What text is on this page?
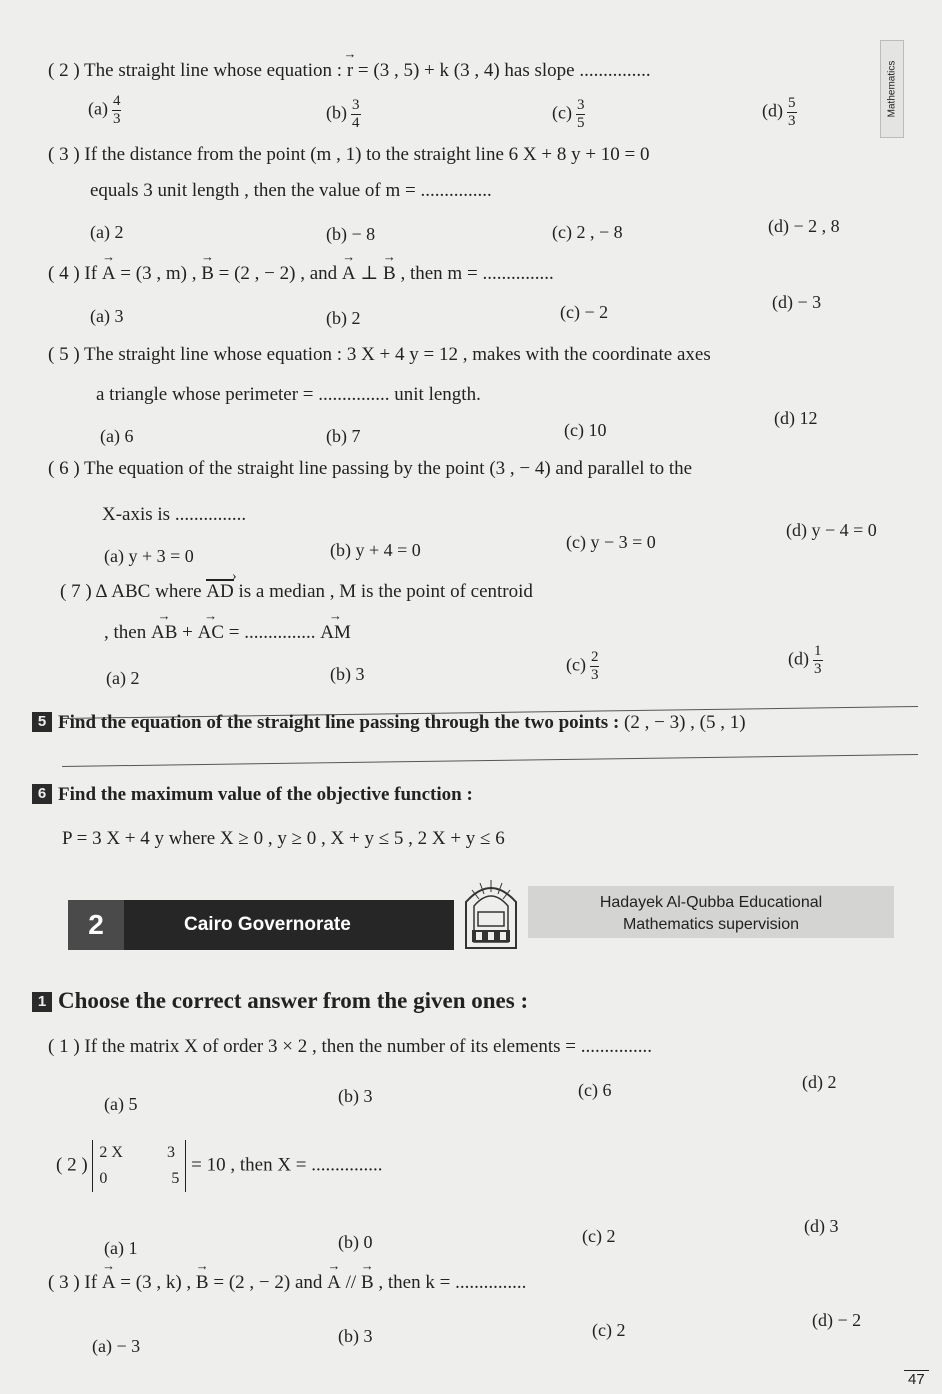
Mathematics
( 2 ) The straight line whose equation : → r = (3 , 5) + k (3 , 4) has slope ...............
$(a) \frac{4}{3}$	$(b) \frac{3}{4}$	$(c) \frac{3}{5}$	$(d) \frac{5}{3}$
( 3 ) If the distance from the point (m , 1) to the straight line 6 X + 8 y + 10 = 0
equals 3 unit length , then the value of m = ...............
(a) 2	(b) − 8	(c) 2 , − 8	(d) − 2 , 8
( 4 ) If → A = (3 , m) , → B = (2 , − 2) , and → A ⊥ → B , then m = ...............
(a) 3	(b) 2	(c) − 2	(d) − 3
( 5 ) The straight line whose equation : 3 X + 4 y = 12 , makes with the coordinate axes
a triangle whose perimeter = ............... unit length.
(a) 6	(b) 7	(c) 10
(d) 12
( 6 ) The equation of the straight line passing by the point (3 , − 4) and parallel to the
X-axis is ...............
(a) y + 3 = 0	(b) y + 4 = 0	(c) y − 3 = 0
(d) y − 4 = 0
( 7 ) Δ ABC where AD › is a median , M is the point of centroid
, then → AB + → AC = ............... → AM
(a) 2	(b) 3	$(c) \frac{2}{3}$	$(d) \frac{1}{3}$
5 Find the equation of the straight line passing through the two points : (2 , − 3) , (5 , 1)
6 Find the maximum value of the objective function :
P = 3 X + 4 y where X ≥ 0 , y ≥ 0 , X + y ≤ 5 , 2 X + y ≤ 6
2	Cairo Governorate
Hadayek Al-Qubba Educational
Mathematics supervision
1 Choose the correct answer from the given ones :
( 1 ) If the matrix X of order 3 × 2 , then the number of its elements = ...............
(a) 5	(b) 3	(c) 6	(d) 2
( 2 )
2 X	3
0	5
= 10 , then X = ...............
(a) 1	(b) 0	(c) 2	(d) 3
( 3 ) If → A = (3 , k) , → B = (2 , − 2) and → A // → B , then k = ...............
(a) − 3	(b) 3	(c) 2	(d) − 2
47
